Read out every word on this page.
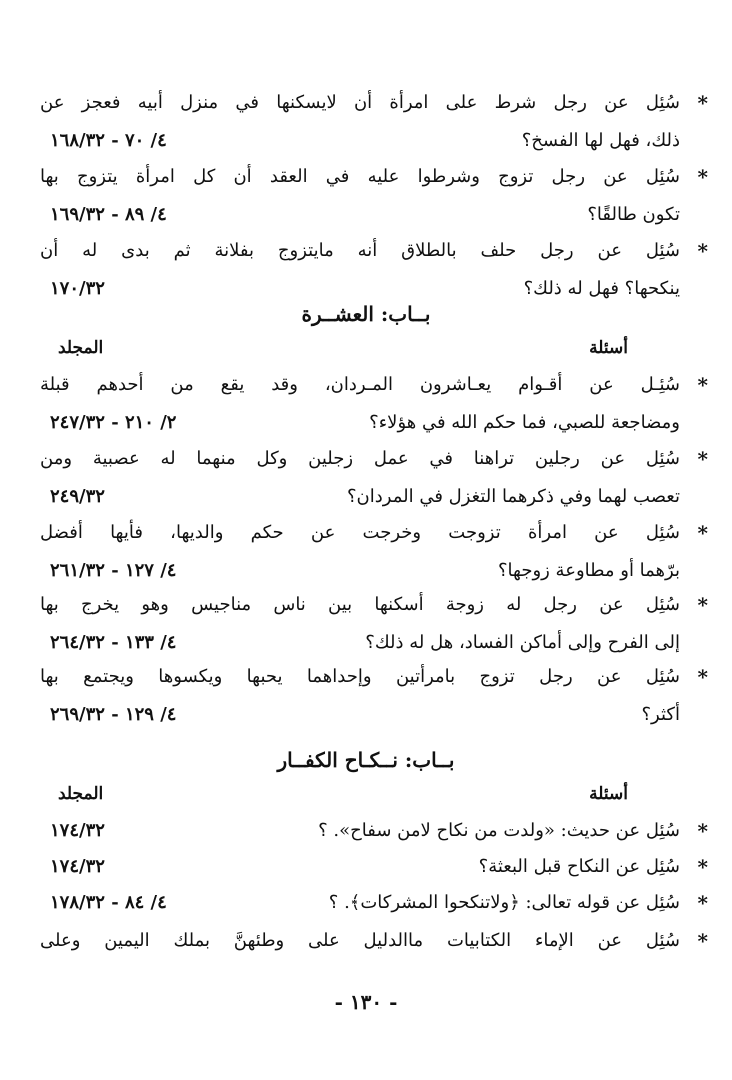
*
سُئِل عن رجل شرط على امرأة أن لايسكنها في منزل أبيه فعجز عن
ذلك، فهل لها الفسخ؟
٤/ ٧٠ - ١٦٨/٣٢
*
سُئِل عن رجل تزوج وشرطوا عليه في العقد أن كل امرأة يتزوج بها
تكون طالقًا؟
٤/ ٨٩ - ١٦٩/٣٢
*
سُئِل عن رجل حلف بالطلاق أنه مايتزوج بفلانة ثم بدى له أن
ينكحها؟ فهل له ذلك؟
١٧٠/٣٢
بــاب: العشــرة
أسئلة
المجلد
*
سُئِـل عن أقـوام يعـاشرون المـردان، وقد يقع من أحدهم قبلة
ومضاجعة للصبي، فما حكم الله في هؤلاء؟
٢/ ٢١٠ - ٢٤٧/٣٢
*
سُئِل عن رجلين تراهنا في عمل زجلين وكل منهما له عصبية ومن
تعصب لهما وفي ذكرهما التغزل في المردان؟
٢٤٩/٣٢
*
سُئِل عن امرأة تزوجت وخرجت عن حكم والديها، فأيها أفضل
برّهما أو مطاوعة زوجها؟
٤/ ١٢٧ - ٢٦١/٣٢
*
سُئِل عن رجل له زوجة أسكنها بين ناس مناجيس وهو يخرج بها
إلى الفرح وإلى أماكن الفساد، هل له ذلك؟
٤/ ١٣٣ - ٢٦٤/٣٢
*
سُئِل عن رجل تزوج بامرأتين وإحداهما يحبها ويكسوها ويجتمع بها
أكثر؟
٤/ ١٢٩ - ٢٦٩/٣٢
بــاب: نــكـاح الكفــار
أسئلة
المجلد
*
سُئِل عن حديث: «ولدت من نكاح لامن سفاح». ؟
١٧٤/٣٢
*
سُئِل عن النكاح قبل البعثة؟
١٧٤/٣٢
*
سُئِل عن قوله تعالى: ﴿ولاتنكحوا المشركات﴾. ؟
٤/ ٨٤ - ١٧٨/٣٢
*
سُئِل عن الإماء الكتابيات ماالدليل على وطئهنَّ بملك اليمين وعلى
- ١٣٠ -
